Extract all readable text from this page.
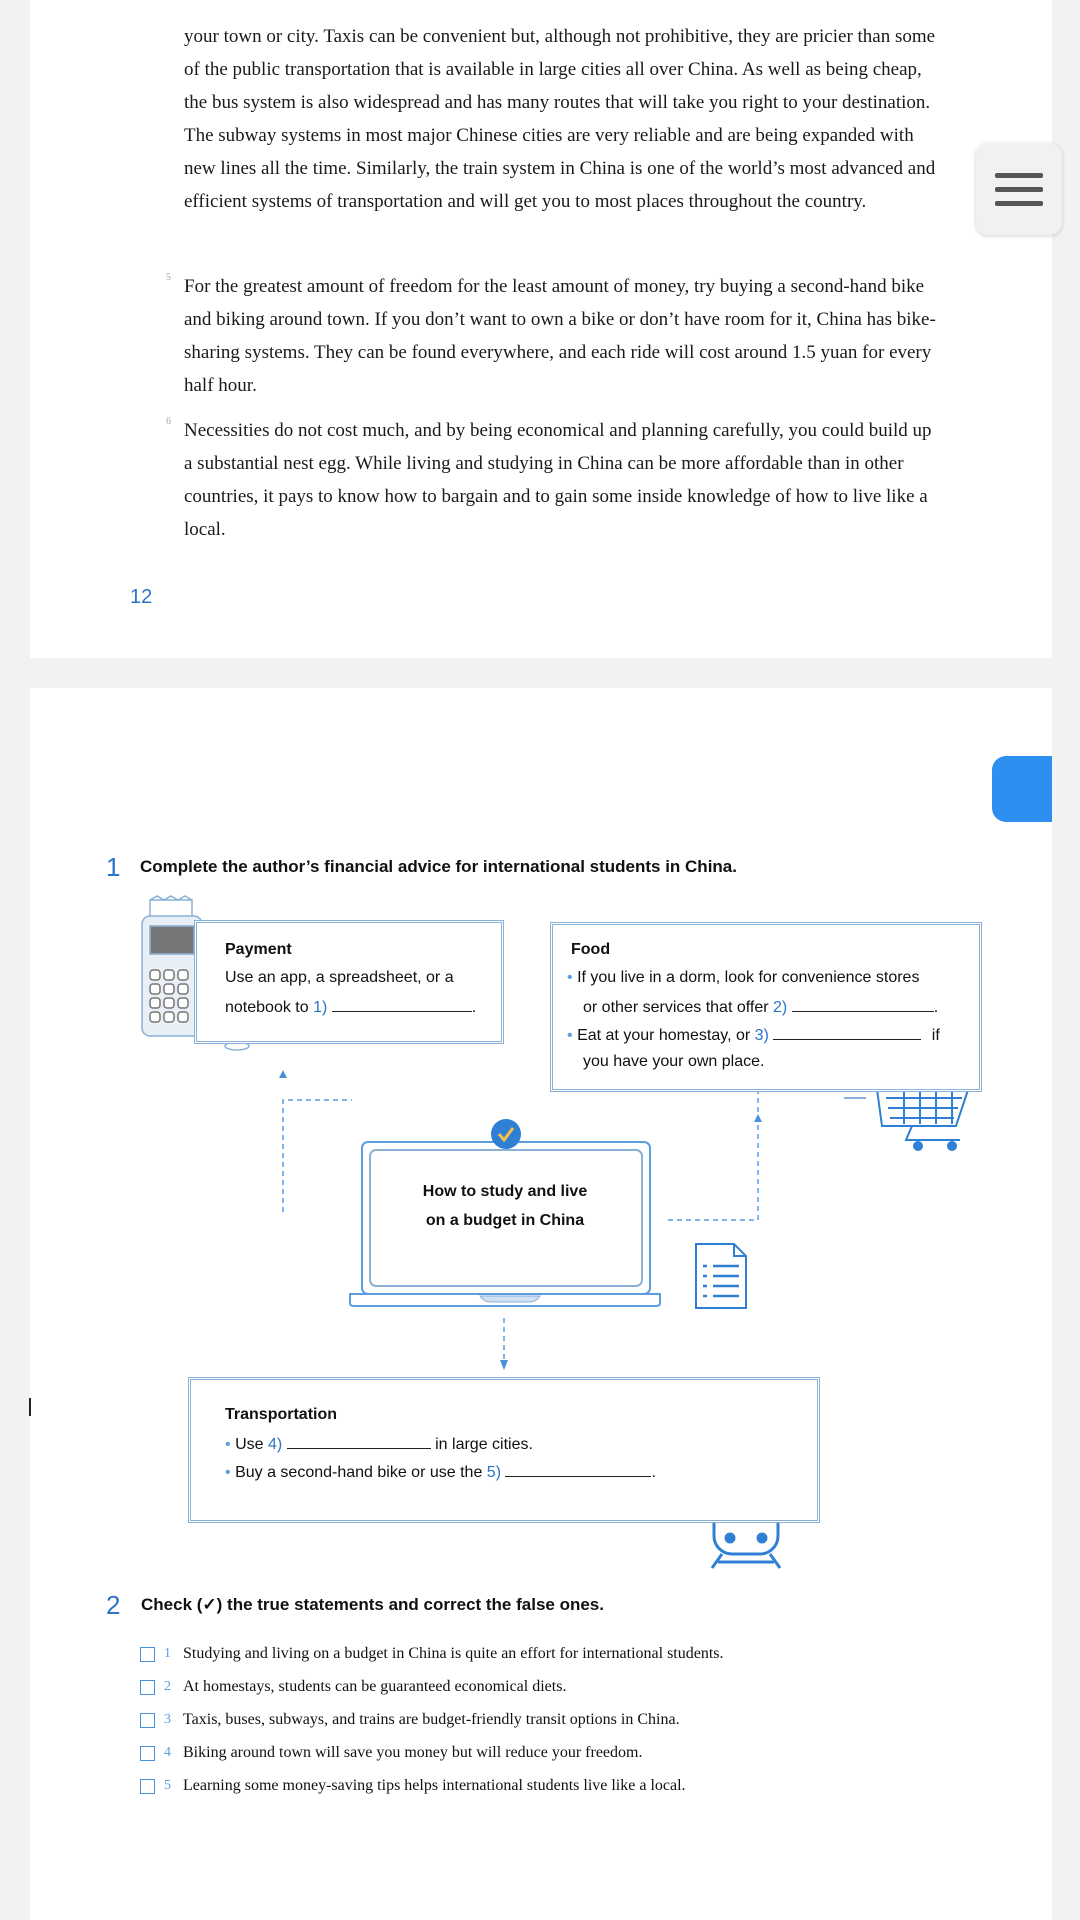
your town or city. Taxis can be convenient but, although not prohibitive, they are pricier than some of the public transportation that is available in large cities all over China. As well as being cheap, the bus system is also widespread and has many routes that will take you right to your destination. The subway systems in most major Chinese cities are very reliable and are being expanded with new lines all the time. Similarly, the train system in China is one of the world’s most advanced and efficient systems of transportation and will get you to most places throughout the country.
5 For the greatest amount of freedom for the least amount of money, try buying a second-hand bike and biking around town. If you don’t want to own a bike or don’t have room for it, China has bike-sharing systems. They can be found everywhere, and each ride will cost around 1.5 yuan for every half hour.
6 Necessities do not cost much, and by being economical and planning carefully, you could build up a substantial nest egg. While living and studying in China can be more affordable than in other countries, it pays to know how to bargain and to gain some inside knowledge of how to live like a local.
12
UNIT 1
1 Complete the author’s financial advice for international students in China.
Payment
Use an app, a spreadsheet, or a
notebook to 1)	.
Food
• If you live in a dorm, look for convenience stores
or other services that offer 2)	.
• Eat at your homestay, or 3)	if
you have your own place.
How to study and live
on a budget in China
Transportation
• Use 4)	in large cities.
• Buy a second-hand bike or use the 5)	.
2 Check (✓) the true statements and correct the false ones.
1 Studying and living on a budget in China is quite an effort for international students.
2 At homestays, students can be guaranteed economical diets.
3 Taxis, buses, subways, and trains are budget-friendly transit options in China.
4 Biking around town will save you money but will reduce your freedom.
5 Learning some money-saving tips helps international students live like a local.
